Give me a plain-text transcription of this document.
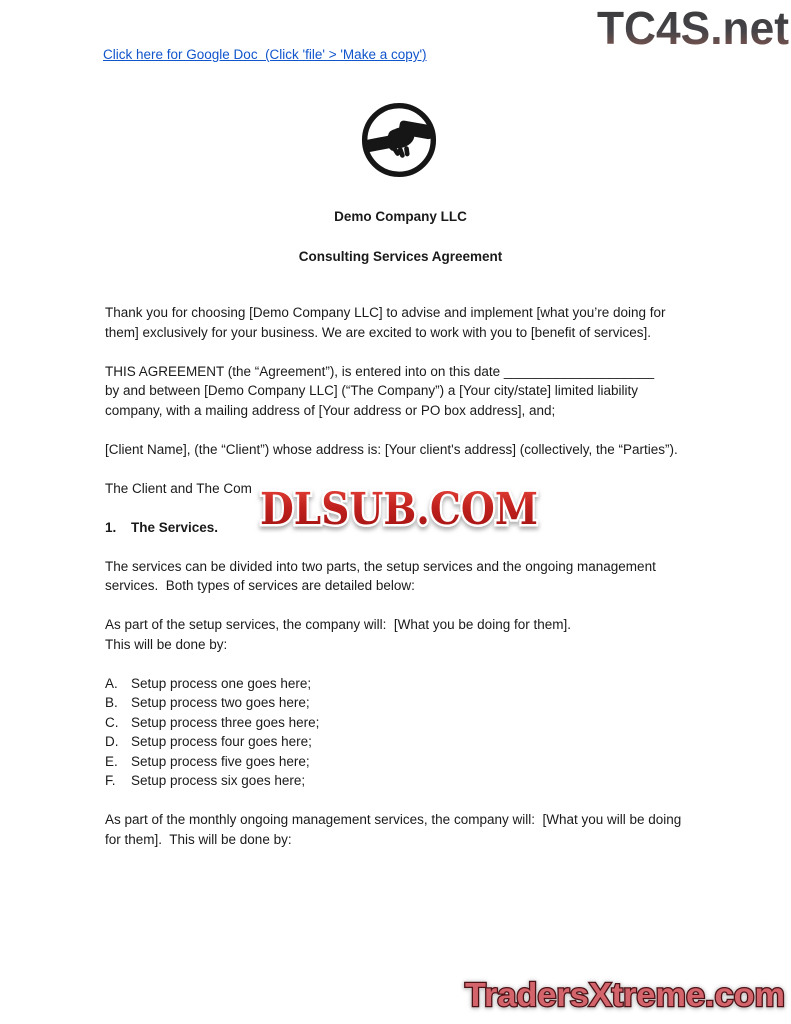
Click here for Google Doc  (Click 'file' > 'Make a copy')
TC4S.net
Demo Company LLC
Consulting Services Agreement

Thank you for choosing [Demo Company LLC] to advise and implement [what you’re doing for them] exclusively for your business. We are excited to work with you to [benefit of services].

THIS AGREEMENT (the “Agreement”), is entered into on this date ____________________
by and between [Demo Company LLC] (“The Company”) a [Your city/state] limited liability company, with a mailing address of [Your address or PO box address], and;

[Client Name], (the “Client”) whose address is: [Your client's address] (collectively, the “Parties”).

The Client and The Com

1.	The Services.

The services can be divided into two parts, the setup services and the ongoing management services.  Both types of services are detailed below:

As part of the setup services, the company will:  [What you be doing for them].
This will be done by:

A. Setup process one goes here;
B. Setup process two goes here;
C. Setup process three goes here;
D. Setup process four goes here;
E. Setup process five goes here;
F.	Setup process six goes here;

As part of the monthly ongoing management services, the company will:  [What you will be doing for them].  This will be done by:

DLSUB.COM
TradersXtreme.com
